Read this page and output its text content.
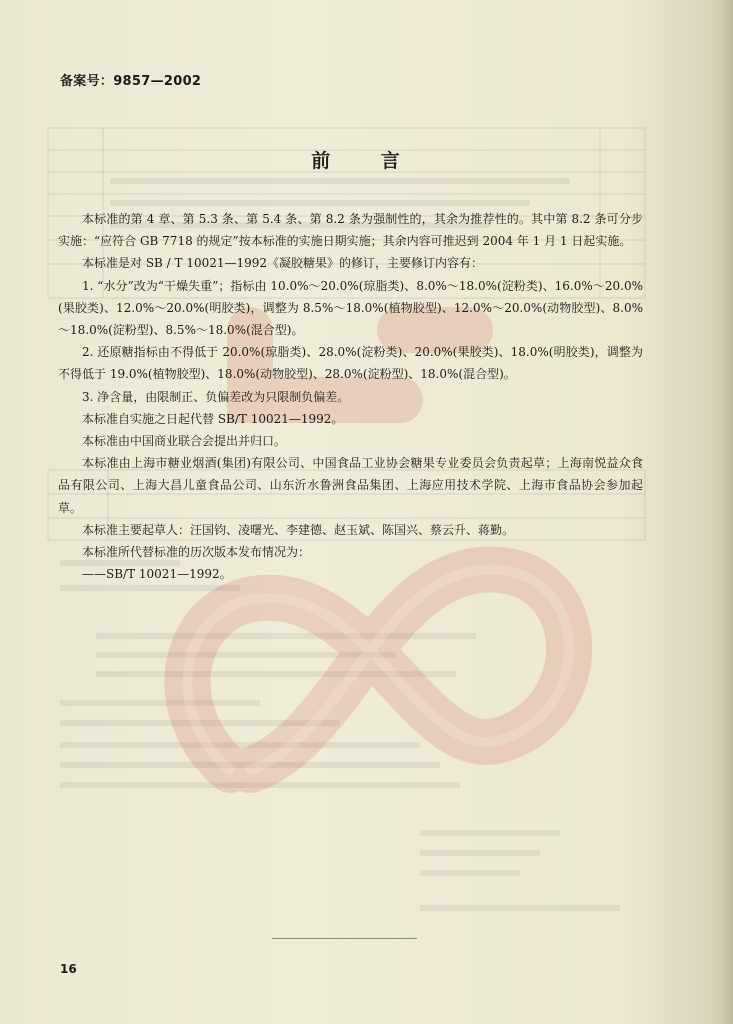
备案号：9857—2002
前 言

本标准的第 4 章、第 5.3 条、第 5.4 条、第 8.2 条为强制性的，其余为推荐性的。其中第 8.2 条可分步实施：“应符合 GB 7718 的规定”按本标准的实施日期实施；其余内容可推迟到 2004 年 1 月 1 日起实施。

本标准是对 SB / T 10021—1992《凝胶糖果》的修订，主要修订内容有：

1. “水分”改为“干燥失重”；指标由 10.0%～20.0%(琼脂类)、8.0%～18.0%(淀粉类)、16.0%～20.0%(果胶类)、12.0%～20.0%(明胶类)，调整为 8.5%～18.0%(植物胶型)、12.0%～20.0%(动物胶型)、8.0%～18.0%(淀粉型)、8.5%～18.0%(混合型)。

2. 还原糖指标由不得低于 20.0%(琼脂类)、28.0%(淀粉类)、20.0%(果胶类)、18.0%(明胶类)，调整为不得低于 19.0%(植物胶型)、18.0%(动物胶型)、28.0%(淀粉型)、18.0%(混合型)。

3. 净含量，由限制正、负偏差改为只限制负偏差。

本标准自实施之日起代替 SB/T 10021—1992。

本标准由中国商业联合会提出并归口。

本标准由上海市糖业烟酒(集团)有限公司、中国食品工业协会糖果专业委员会负责起草；上海南悦益众食品有限公司、上海大昌儿童食品公司、山东沂水鲁洲食品集团、上海应用技术学院、上海市食品协会参加起草。

本标准主要起草人：汪国钧、凌曙光、李建德、赵玉斌、陈国兴、蔡云升、蒋勤。

本标准所代替标准的历次版本发布情况为：

——SB/T 10021—1992。

16
